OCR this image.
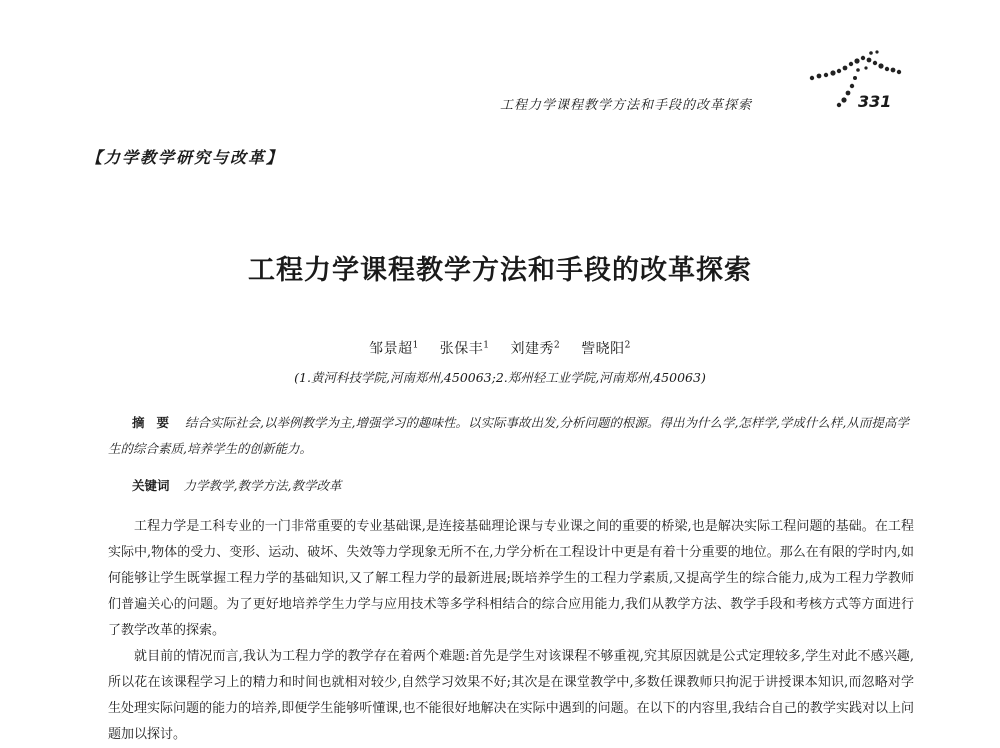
工程力学课程教学方法和手段的改革探索	331
【力学教学研究与改革】
工程力学课程教学方法和手段的改革探索
邹景超$^1$ 张保丰$^1$ 刘建秀$^2$ 訾晓阳$^2$
(1.黄河科技学院,河南郑州,450063;2.郑州轻工业学院,河南郑州,450063)

摘要 结合实际社会,以举例教学为主,增强学习的趣味性。以实际事故出发,分析问题的根源。得出为什么学,怎样学,学成什么样,从而提高学生的综合素质,培养学生的创新能力。

关键词 力学教学,教学方法,教学改革

工程力学是工科专业的一门非常重要的专业基础课,是连接基础理论课与专业课之间的重要的桥梁,也是解决实际工程问题的基础。在工程实际中,物体的受力、变形、运动、破坏、失效等力学现象无所不在,力学分析在工程设计中更是有着十分重要的地位。那么在有限的学时内,如何能够让学生既掌握工程力学的基础知识,又了解工程力学的最新进展;既培养学生的工程力学素质,又提高学生的综合能力,成为工程力学教师们普遍关心的问题。为了更好地培养学生力学与应用技术等多学科相结合的综合应用能力,我们从教学方法、教学手段和考核方式等方面进行了教学改革的探索。

就目前的情况而言,我认为工程力学的教学存在着两个难题:首先是学生对该课程不够重视,究其原因就是公式定理较多,学生对此不感兴趣,所以花在该课程学习上的精力和时间也就相对较少,自然学习效果不好;其次是在课堂教学中,多数任课教师只拘泥于讲授课本知识,而忽略对学生处理实际问题的能力的培养,即便学生能够听懂课,也不能很好地解决在实际中遇到的问题。在以下的内容里,我结合自己的教学实践对以上问题加以探讨。
